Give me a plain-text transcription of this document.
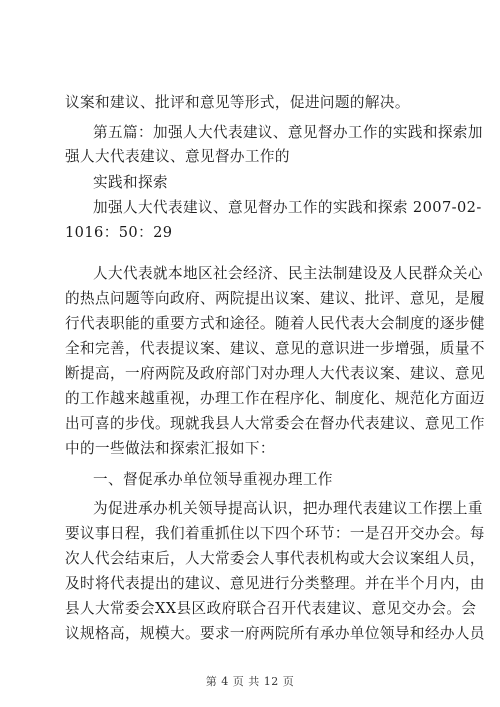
议案和建议、批评和意见等形式，促进问题的解决。
第五篇：加强人大代表建议、意见督办工作的实践和探索加
强人大代表建议、意见督办工作的
实践和探索
加强人大代表建议、意见督办工作的实践和探索 2007-02-
1016：50：29
人大代表就本地区社会经济、民主法制建设及人民群众关心
的热点问题等向政府、两院提出议案、建议、批评、意见，是履
行代表职能的重要方式和途径。随着人民代表大会制度的逐步健
全和完善，代表提议案、建议、意见的意识进一步增强，质量不
断提高，一府两院及政府部门对办理人大代表议案、建议、意见
的工作越来越重视，办理工作在程序化、制度化、规范化方面迈
出可喜的步伐。现就我县人大常委会在督办代表建议、意见工作
中的一些做法和探索汇报如下：
一、督促承办单位领导重视办理工作
为促进承办机关领导提高认识，把办理代表建议工作摆上重
要议事日程，我们着重抓住以下四个环节：一是召开交办会。每
次人代会结束后，人大常委会人事代表机构或大会议案组人员，
及时将代表提出的建议、意见进行分类整理。并在半个月内，由
县人大常委会XX县区政府联合召开代表建议、意见交办会。会
议规格高，规模大。要求一府两院所有承办单位领导和经办人员
第 4 页 共 12 页
